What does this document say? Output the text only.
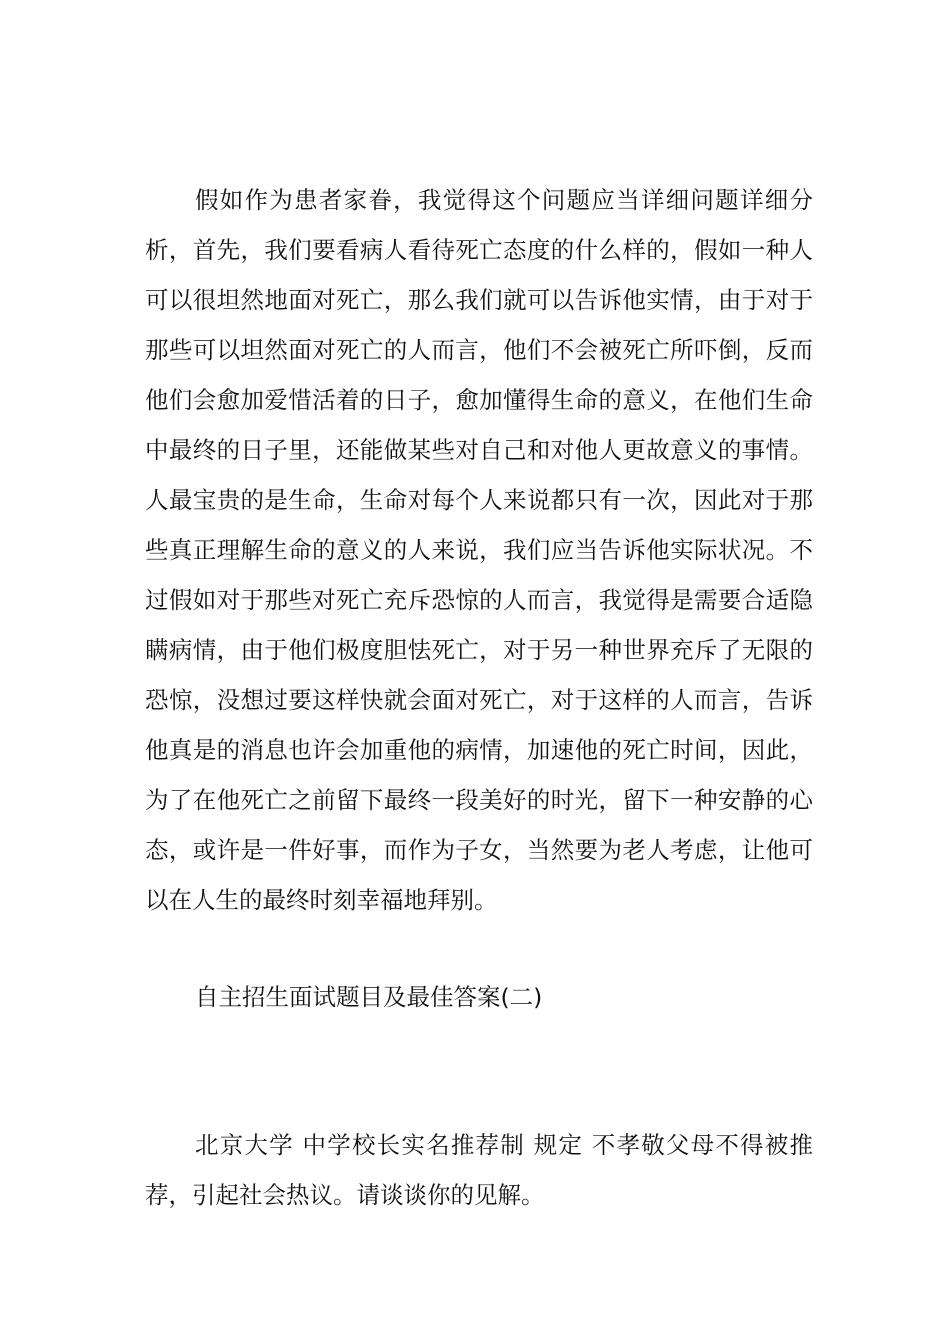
假如作为患者家眷，我觉得这个问题应当详细问题详细分析，首先，我们要看病人看待死亡态度的什么样的，假如一种人可以很坦然地面对死亡，那么我们就可以告诉他实情，由于对于那些可以坦然面对死亡的人而言，他们不会被死亡所吓倒，反而他们会愈加爱惜活着的日子，愈加懂得生命的意义，在他们生命中最终的日子里，还能做某些对自己和对他人更故意义的事情。人最宝贵的是生命，生命对每个人来说都只有一次，因此对于那些真正理解生命的意义的人来说，我们应当告诉他实际状况。不过假如对于那些对死亡充斥恐惊的人而言，我觉得是需要合适隐瞒病情，由于他们极度胆怯死亡，对于另一种世界充斥了无限的恐惊，没想过要这样快就会面对死亡，对于这样的人而言，告诉他真是的消息也许会加重他的病情，加速他的死亡时间，因此，为了在他死亡之前留下最终一段美好的时光，留下一种安静的心态，或许是一件好事，而作为子女，当然要为老人考虑，让他可以在人生的最终时刻幸福地拜别。

自主招生面试题目及最佳答案(二)

北京大学 中学校长实名推荐制 规定 不孝敬父母不得被推荐，引起社会热议。请谈谈你的见解。
